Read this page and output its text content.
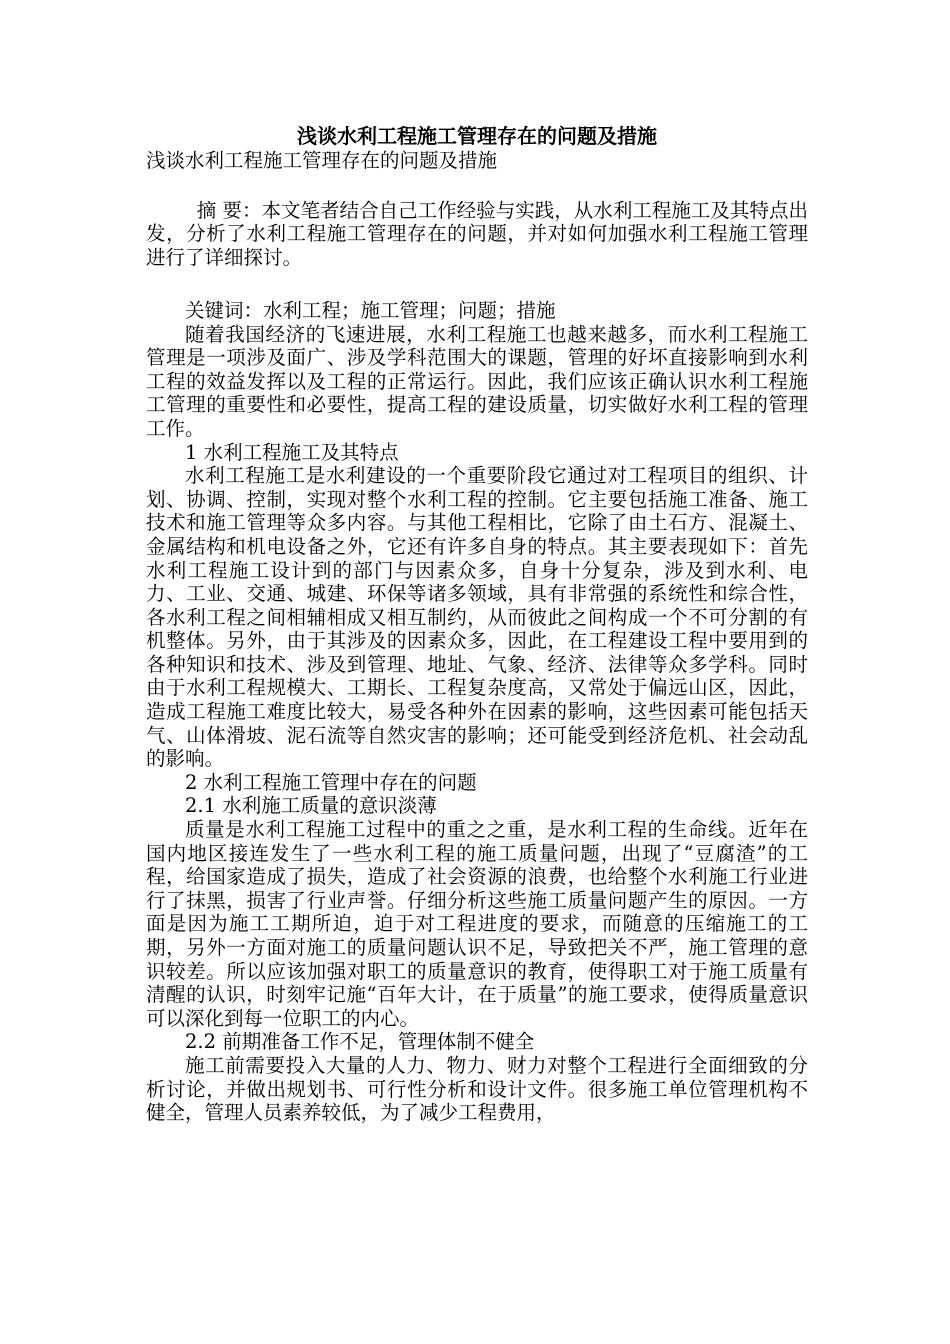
浅谈水利工程施工管理存在的问题及措施
浅谈水利工程施工管理存在的问题及措施
摘 要：本文笔者结合自己工作经验与实践，从水利工程施工及其特点出发，分析了水利工程施工管理存在的问题，并对如何加强水利工程施工管理进行了详细探讨。
关键词：水利工程；施工管理；问题；措施
随着我国经济的飞速进展，水利工程施工也越来越多，而水利工程施工管理是一项涉及面广、涉及学科范围大的课题，管理的好坏直接影响到水利工程的效益发挥以及工程的正常运行。因此，我们应该正确认识水利工程施工管理的重要性和必要性，提高工程的建设质量，切实做好水利工程的管理工作。
1 水利工程施工及其特点
水利工程施工是水利建设的一个重要阶段它通过对工程项目的组织、计划、协调、控制，实现对整个水利工程的控制。它主要包括施工准备、施工技术和施工管理等众多内容。与其他工程相比，它除了由土石方、混凝土、金属结构和机电设备之外，它还有许多自身的特点。其主要表现如下：首先水利工程施工设计到的部门与因素众多，自身十分复杂，涉及到水利、电力、工业、交通、城建、环保等诸多领域，具有非常强的系统性和综合性，各水利工程之间相辅相成又相互制约，从而彼此之间构成一个不可分割的有机整体。另外，由于其涉及的因素众多，因此，在工程建设工程中要用到的各种知识和技术、涉及到管理、地址、气象、经济、法律等众多学科。同时由于水利工程规模大、工期长、工程复杂度高，又常处于偏远山区，因此，造成工程施工难度比较大，易受各种外在因素的影响，这些因素可能包括天气、山体滑坡、泥石流等自然灾害的影响；还可能受到经济危机、社会动乱的影响。
2 水利工程施工管理中存在的问题
2.1 水利施工质量的意识淡薄
质量是水利工程施工过程中的重之之重，是水利工程的生命线。近年在国内地区接连发生了一些水利工程的施工质量问题，出现了“豆腐渣”的工程，给国家造成了损失，造成了社会资源的浪费，也给整个水利施工行业进行了抹黑，损害了行业声誉。仔细分析这些施工质量问题产生的原因。一方面是因为施工工期所迫，迫于对工程进度的要求，而随意的压缩施工的工期，另外一方面对施工的质量问题认识不足，导致把关不严，施工管理的意识较差。所以应该加强对职工的质量意识的教育，使得职工对于施工质量有清醒的认识，时刻牢记施“百年大计，在于质量”的施工要求，使得质量意识可以深化到每一位职工的内心。
2.2 前期准备工作不足，管理体制不健全
施工前需要投入大量的人力、物力、财力对整个工程进行全面细致的分析讨论，并做出规划书、可行性分析和设计文件。很多施工单位管理机构不健全，管理人员素养较低，为了减少工程费用，
